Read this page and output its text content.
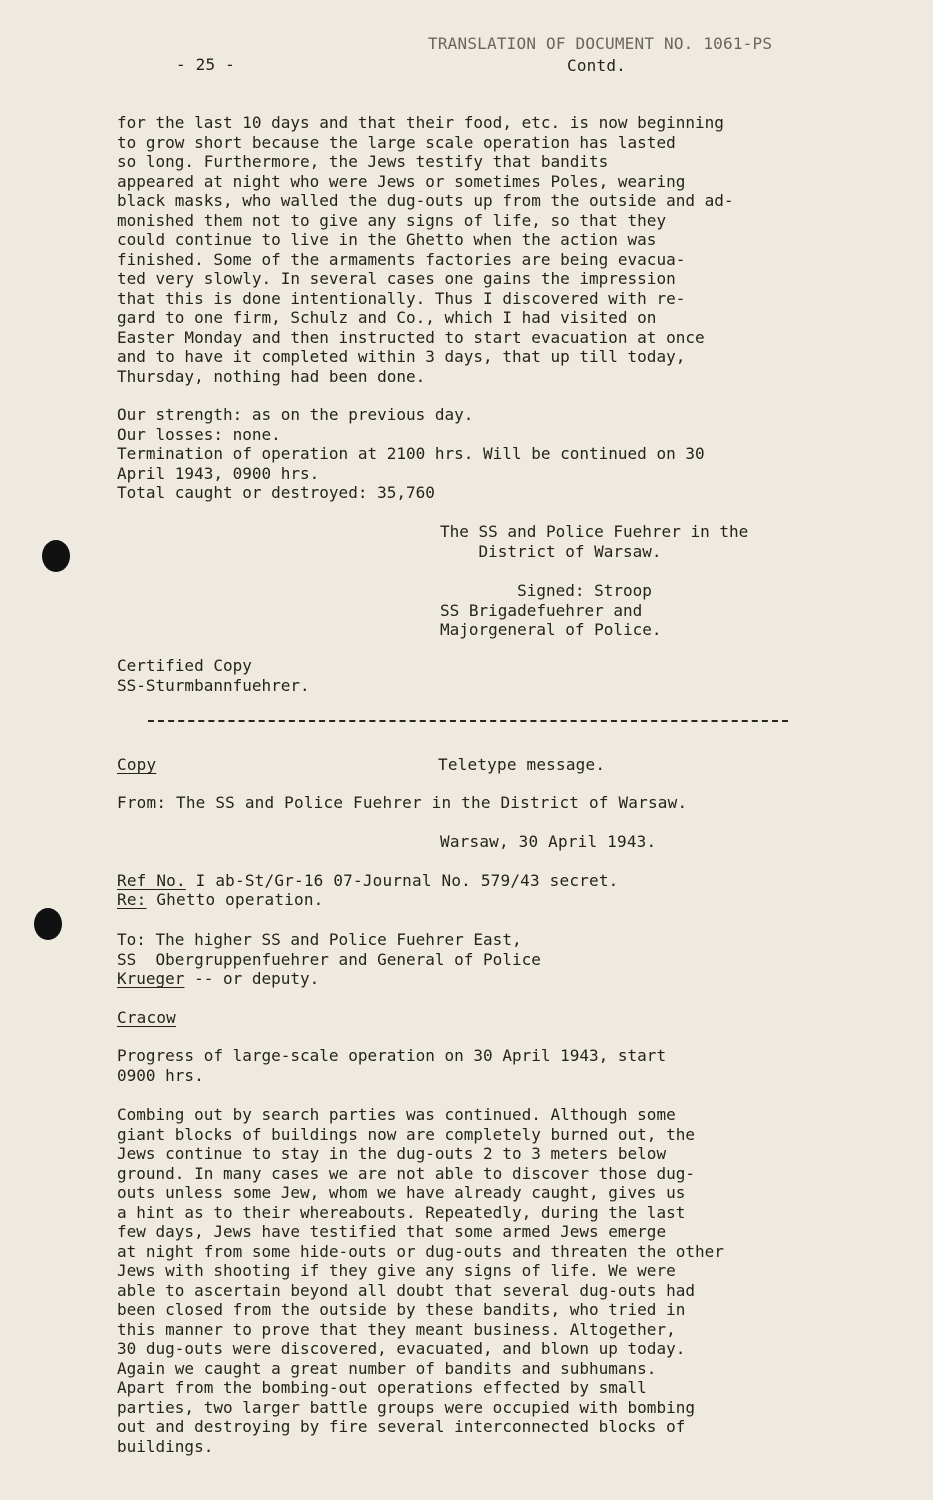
- 25 -
TRANSLATION OF DOCUMENT NO. 1061-PS
Contd.
for the last 10 days and that their food, etc. is now beginning
to grow short because the large scale operation has lasted
so long. Furthermore, the Jews testify that bandits
appeared at night who were Jews or sometimes Poles, wearing
black masks, who walled the dug-outs up from the outside and ad-
monished them not to give any signs of life, so that they
could continue to live in the Ghetto when the action was
finished. Some of the armaments factories are being evacua-
ted very slowly. In several cases one gains the impression
that this is done intentionally. Thus I discovered with re-
gard to one firm, Schulz and Co., which I had visited on
Easter Monday and then instructed to start evacuation at once
and to have it completed within 3 days, that up till today,
Thursday, nothing had been done.
Our strength: as on the previous day.
Our losses: none.
Termination of operation at 2100 hrs. Will be continued on 30
April 1943, 0900 hrs.
Total caught or destroyed: 35,760
The SS and Police Fuehrer in the
District of Warsaw.
Signed: Stroop
SS Brigadefuehrer and
Majorgeneral of Police.
Certified Copy
SS-Sturmbannfuehrer.
Copy	Teletype message.
From: The SS and Police Fuehrer in the District of Warsaw.
Warsaw, 30 April 1943.
Ref No. I ab-St/Gr-16 07-Journal No. 579/43 secret.
Re: Ghetto operation.
To: The higher SS and Police Fuehrer East,
SS  Obergruppenfuehrer and General of Police
Krueger -- or deputy.
Cracow
Progress of large-scale operation on 30 April 1943, start
0900 hrs.
Combing out by search parties was continued. Although some
giant blocks of buildings now are completely burned out, the
Jews continue to stay in the dug-outs 2 to 3 meters below
ground. In many cases we are not able to discover those dug-
outs unless some Jew, whom we have already caught, gives us
a hint as to their whereabouts. Repeatedly, during the last
few days, Jews have testified that some armed Jews emerge
at night from some hide-outs or dug-outs and threaten the other
Jews with shooting if they give any signs of life. We were
able to ascertain beyond all doubt that several dug-outs had
been closed from the outside by these bandits, who tried in
this manner to prove that they meant business. Altogether,
30 dug-outs were discovered, evacuated, and blown up today.
Again we caught a great number of bandits and subhumans.
Apart from the bombing-out operations effected by small
parties, two larger battle groups were occupied with bombing
out and destroying by fire several interconnected blocks of
buildings.
